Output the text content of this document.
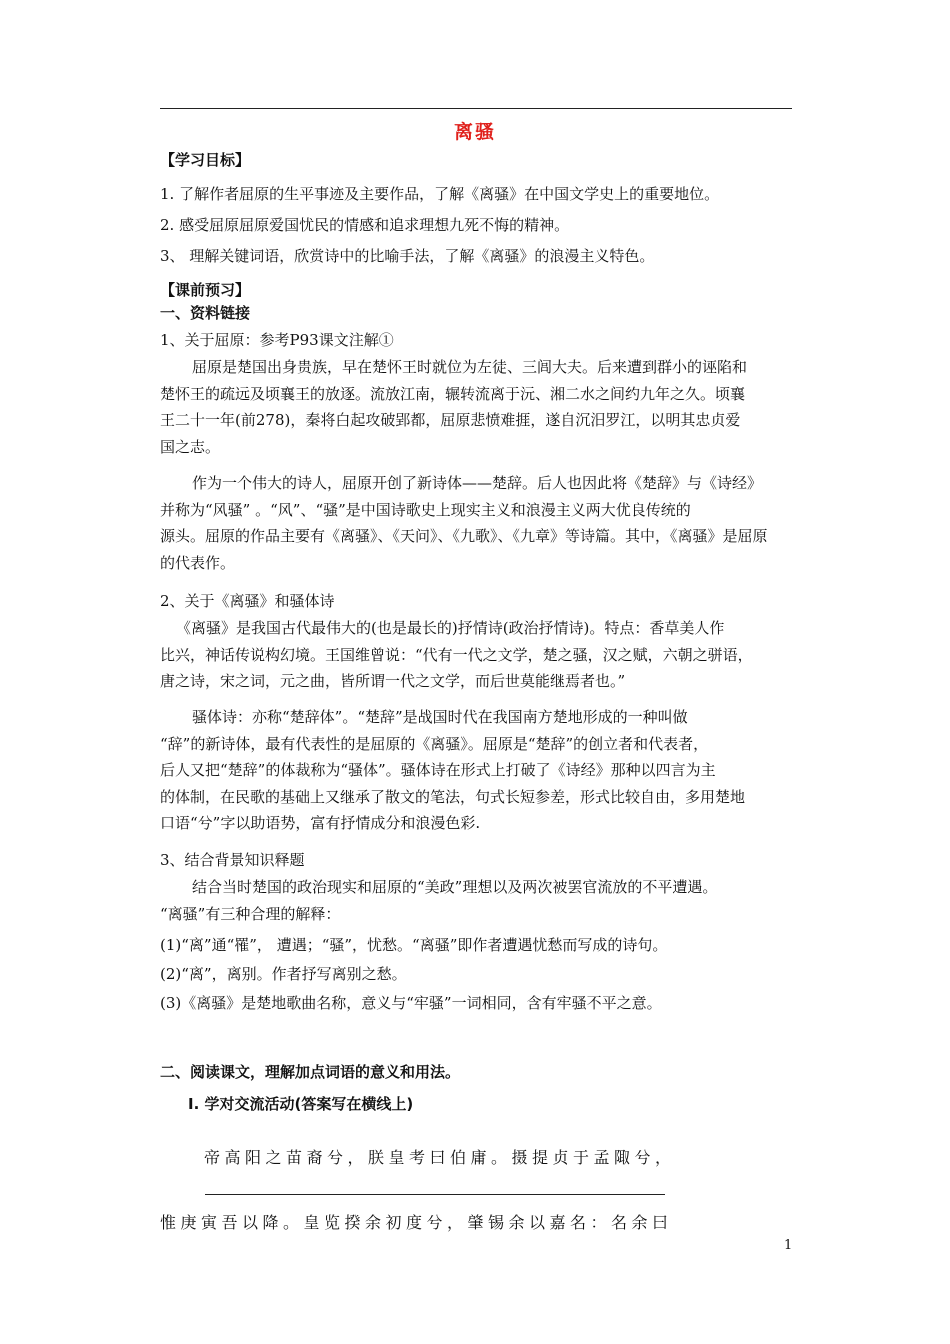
离骚
【学习目标】
1. 了解作者屈原的生平事迹及主要作品，了解《离骚》在中国文学史上的重要地位。
2. 感受屈原屈原爱国忧民的情感和追求理想九死不悔的精神。
3、 理解关键词语，欣赏诗中的比喻手法，了解《离骚》的浪漫主义特色。
【课前预习】
一、资料链接
1、关于屈原：参考P93课文注解①
屈原是楚国出身贵族，早在楚怀王时就位为左徒、三闾大夫。后来遭到群小的诬陷和
楚怀王的疏远及顷襄王的放逐。流放江南，辗转流离于沅、湘二水之间约九年之久。顷襄
王二十一年(前278)，秦将白起攻破郢都，屈原悲愤难捱，遂自沉汨罗江，以明其忠贞爱
国之志。
作为一个伟大的诗人，屈原开创了新诗体——楚辞。后人也因此将《楚辞》与《诗经》
并称为“风骚” 。“风”、“骚”是中国诗歌史上现实主义和浪漫主义两大优良传统的
源头。屈原的作品主要有《离骚》、《天问》、《九歌》、《九章》等诗篇。其中，《离骚》是屈原
的代表作。
2、关于《离骚》和骚体诗
《离骚》是我国古代最伟大的(也是最长的)抒情诗(政治抒情诗)。特点：香草美人作
比兴，神话传说构幻境。王国维曾说：“代有一代之文学，楚之骚，汉之赋，六朝之骈语，
唐之诗，宋之词，元之曲，皆所谓一代之文学，而后世莫能继焉者也。”
骚体诗：亦称“楚辞体”。“楚辞”是战国时代在我国南方楚地形成的一种叫做
“辞”的新诗体，最有代表性的是屈原的《离骚》。屈原是“楚辞”的创立者和代表者，
后人又把“楚辞”的体裁称为“骚体”。骚体诗在形式上打破了《诗经》那种以四言为主
的体制，在民歌的基础上又继承了散文的笔法，句式长短参差，形式比较自由，多用楚地
口语“兮”字以助语势，富有抒情成分和浪漫色彩.
3、结合背景知识释题
结合当时楚国的政治现实和屈原的“美政”理想以及两次被罢官流放的不平遭遇。
“离骚”有三种合理的解释：
(1)“离”通“罹”， 遭遇；“骚”，忧愁。“离骚”即作者遭遇忧愁而写成的诗句。
(2)“离”，离别。作者抒写离别之愁。
(3)《离骚》是楚地歌曲名称，意义与“牢骚”一词相同，含有牢骚不平之意。
二、阅读课文，理解加点词语的意义和用法。
Ⅰ. 学对交流活动(答案写在横线上)
帝高阳之苗裔兮，朕皇考曰伯庸。摄提贞于孟陬兮，
惟庚寅吾以降。皇览揆余初度兮，肇锡余以嘉名：名余曰
1
